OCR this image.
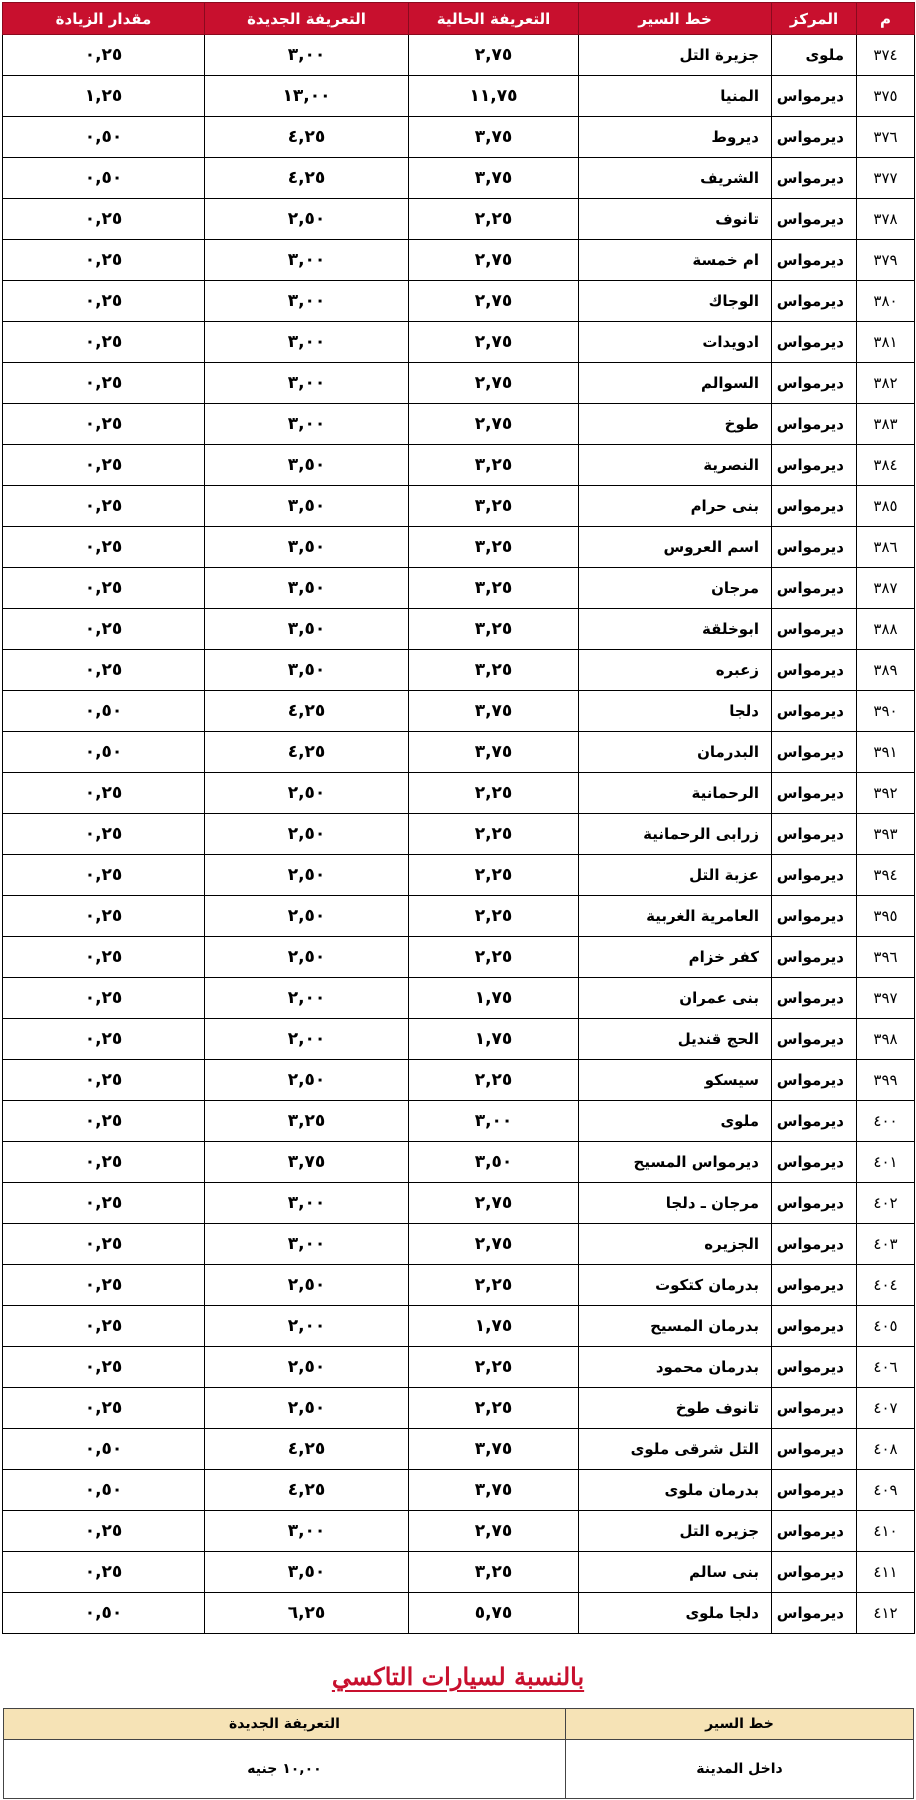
م	المركز	خط السير	التعريفة الحالية	التعريفة الجديدة	مقدار الزيادة
٣٧٤	ملوى	جزيرة التل	٢,٧٥	٣,٠٠	٠,٢٥
٣٧٥	ديرمواس	المنيا	١١,٧٥	١٣,٠٠	١,٢٥
٣٧٦	ديرمواس	ديروط	٣,٧٥	٤,٢٥	٠,٥٠
٣٧٧	ديرمواس	الشريف	٣,٧٥	٤,٢٥	٠,٥٠
٣٧٨	ديرمواس	تانوف	٢,٢٥	٢,٥٠	٠,٢٥
٣٧٩	ديرمواس	ام خمسة	٢,٧٥	٣,٠٠	٠,٢٥
٣٨٠	ديرمواس	الوجاك	٢,٧٥	٣,٠٠	٠,٢٥
٣٨١	ديرمواس	ادويدات	٢,٧٥	٣,٠٠	٠,٢٥
٣٨٢	ديرمواس	السوالم	٢,٧٥	٣,٠٠	٠,٢٥
٣٨٣	ديرمواس	طوخ	٢,٧٥	٣,٠٠	٠,٢٥
٣٨٤	ديرمواس	النصرية	٣,٢٥	٣,٥٠	٠,٢٥
٣٨٥	ديرمواس	بنى حرام	٣,٢٥	٣,٥٠	٠,٢٥
٣٨٦	ديرمواس	اسم العروس	٣,٢٥	٣,٥٠	٠,٢٥
٣٨٧	ديرمواس	مرجان	٣,٢٥	٣,٥٠	٠,٢٥
٣٨٨	ديرمواس	ابوخلقة	٣,٢٥	٣,٥٠	٠,٢٥
٣٨٩	ديرمواس	زعبره	٣,٢٥	٣,٥٠	٠,٢٥
٣٩٠	ديرمواس	دلجا	٣,٧٥	٤,٢٥	٠,٥٠
٣٩١	ديرمواس	البدرمان	٣,٧٥	٤,٢٥	٠,٥٠
٣٩٢	ديرمواس	الرحمانية	٢,٢٥	٢,٥٠	٠,٢٥
٣٩٣	ديرمواس	زرابى الرحمانية	٢,٢٥	٢,٥٠	٠,٢٥
٣٩٤	ديرمواس	عزبة التل	٢,٢٥	٢,٥٠	٠,٢٥
٣٩٥	ديرمواس	العامرية الغربية	٢,٢٥	٢,٥٠	٠,٢٥
٣٩٦	ديرمواس	كفر خزام	٢,٢٥	٢,٥٠	٠,٢٥
٣٩٧	ديرمواس	بنى عمران	١,٧٥	٢,٠٠	٠,٢٥
٣٩٨	ديرمواس	الحج قنديل	١,٧٥	٢,٠٠	٠,٢٥
٣٩٩	ديرمواس	سيسكو	٢,٢٥	٢,٥٠	٠,٢٥
٤٠٠	ديرمواس	ملوى	٣,٠٠	٣,٢٥	٠,٢٥
٤٠١	ديرمواس	ديرمواس المسيح	٣,٥٠	٣,٧٥	٠,٢٥
٤٠٢	ديرمواس	مرجان ـ دلجا	٢,٧٥	٣,٠٠	٠,٢٥
٤٠٣	ديرمواس	الجزيره	٢,٧٥	٣,٠٠	٠,٢٥
٤٠٤	ديرمواس	بدرمان كتكوت	٢,٢٥	٢,٥٠	٠,٢٥
٤٠٥	ديرمواس	بدرمان المسيح	١,٧٥	٢,٠٠	٠,٢٥
٤٠٦	ديرمواس	بدرمان محمود	٢,٢٥	٢,٥٠	٠,٢٥
٤٠٧	ديرمواس	تانوف طوخ	٢,٢٥	٢,٥٠	٠,٢٥
٤٠٨	ديرمواس	التل شرقى ملوى	٣,٧٥	٤,٢٥	٠,٥٠
٤٠٩	ديرمواس	بدرمان ملوى	٣,٧٥	٤,٢٥	٠,٥٠
٤١٠	ديرمواس	جزيره التل	٢,٧٥	٣,٠٠	٠,٢٥
٤١١	ديرمواس	بنى سالم	٣,٢٥	٣,٥٠	٠,٢٥
٤١٢	ديرمواس	دلجا ملوى	٥,٧٥	٦,٢٥	٠,٥٠
بالنسبة لسيارات التاكسي
خط السير	التعريفة الجديدة
داخل المدينة	١٠,٠٠ جنيه
